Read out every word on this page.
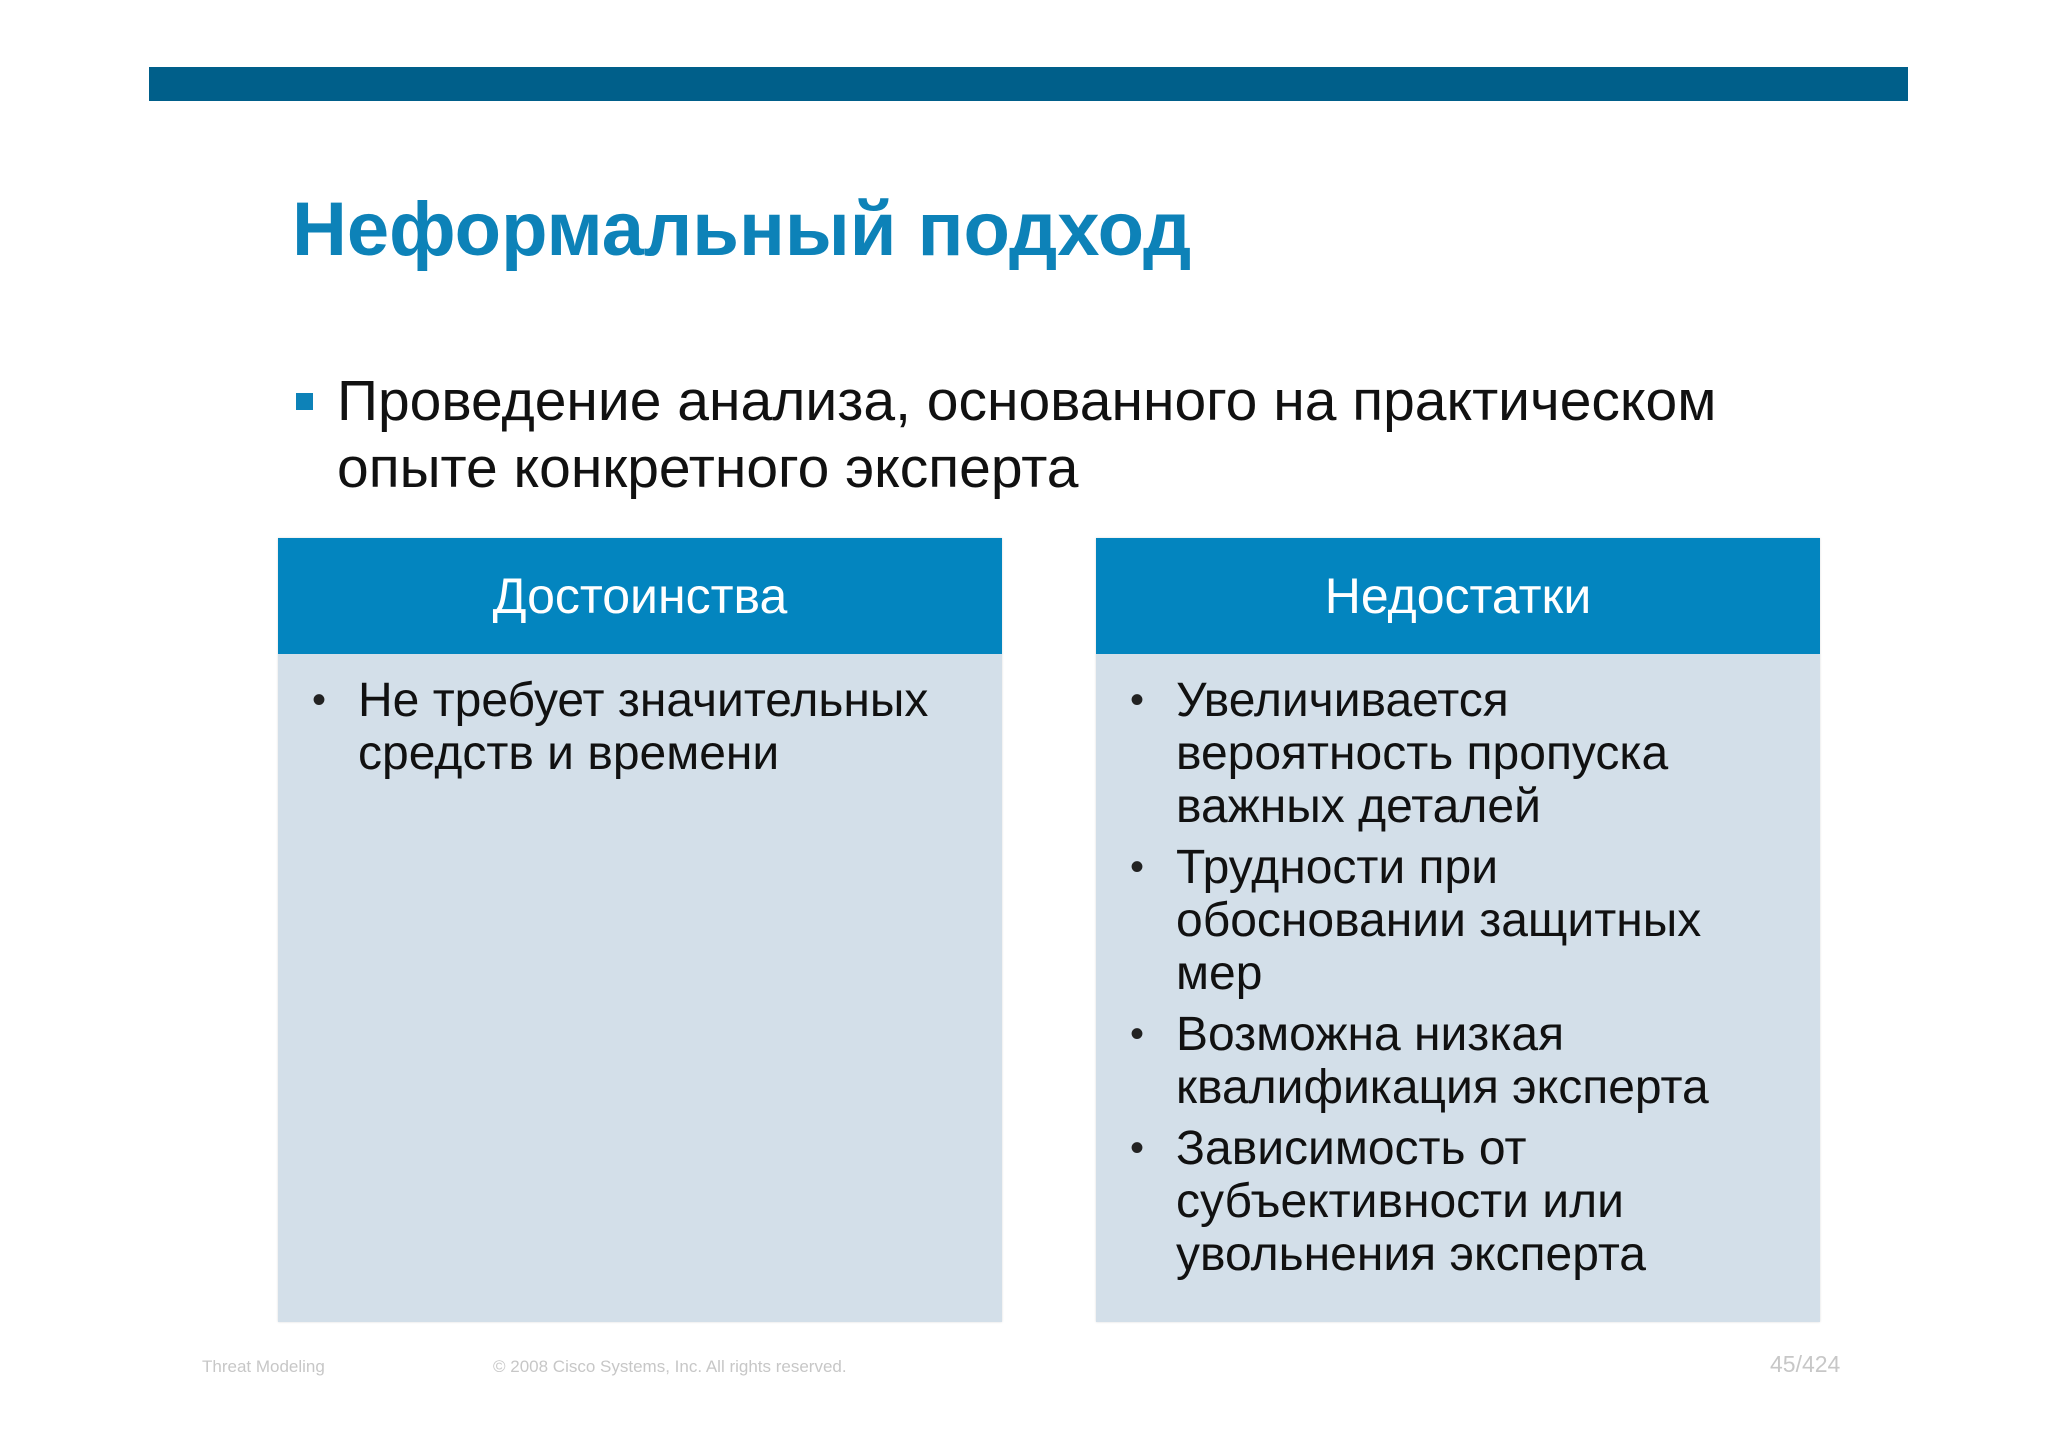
Неформальный подход
Проведение анализа, основанного на практическом опыте конкретного эксперта
Достоинства
• Не требует значительных средств и времени
Недостатки
• Увеличивается вероятность пропуска важных деталей
• Трудности при обосновании защитных мер
• Возможна низкая квалификация эксперта
• Зависимость от субъективности или увольнения эксперта
Threat Modeling	© 2008 Cisco Systems, Inc. All rights reserved.	45/424
